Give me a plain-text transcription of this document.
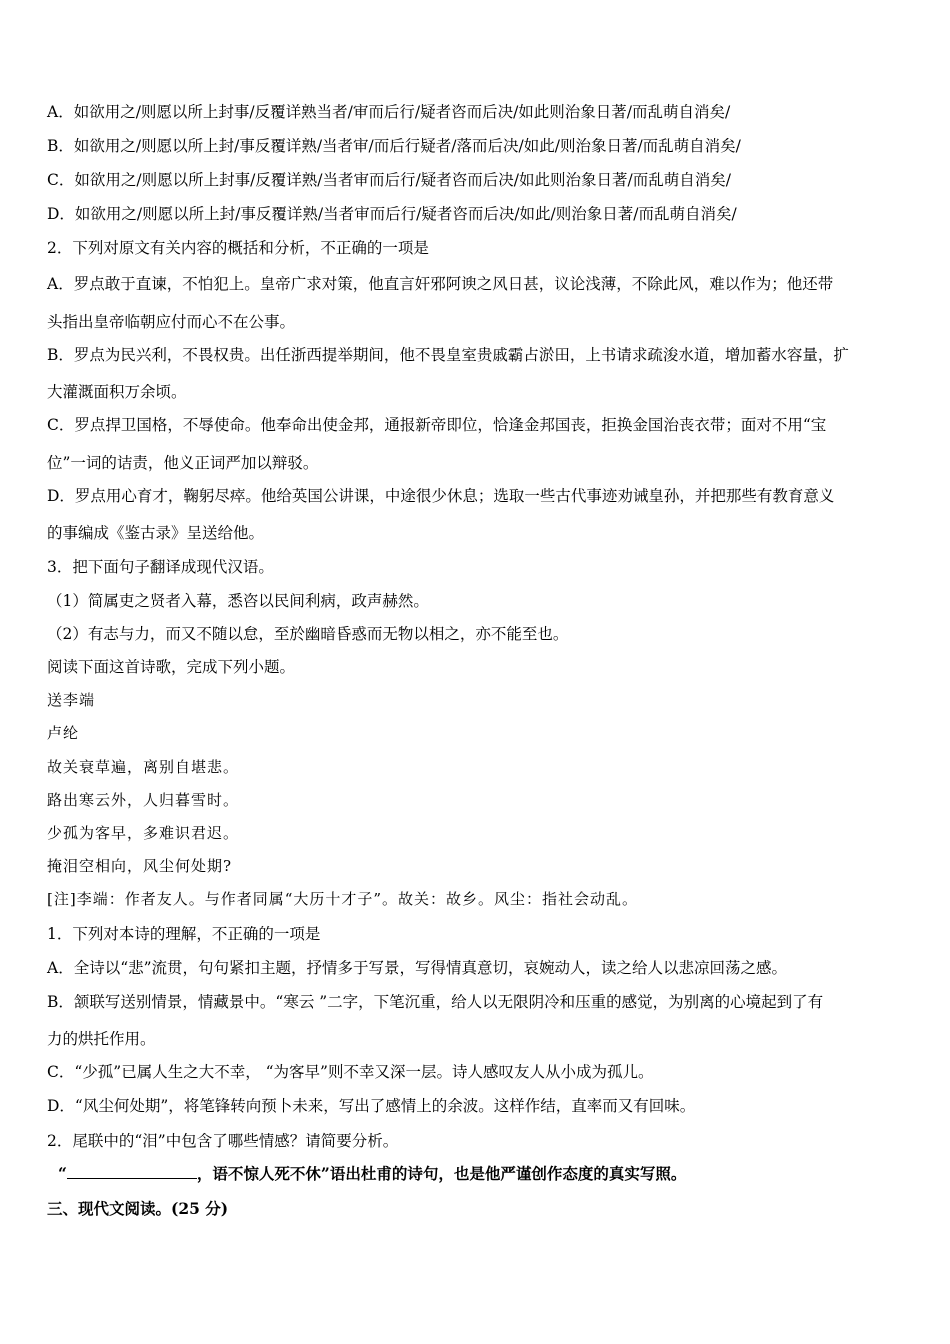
A．如欲用之/则愿以所上封事/反覆详熟当者/审而后行/疑者咨而后决/如此则治象日著/而乱萌自消矣/
B．如欲用之/则愿以所上封/事反覆详熟/当者审/而后行疑者/落而后决/如此/则治象日著/而乱萌自消矣/
C．如欲用之/则愿以所上封事/反覆详熟/当者审而后行/疑者咨而后决/如此则治象日著/而乱萌自消矣/
D．如欲用之/则愿以所上封/事反覆详熟/当者审而后行/疑者咨而后决/如此/则治象日著/而乱萌自消矣/
2．下列对原文有关内容的概括和分析，不正确的一项是
A．罗点敢于直谏，不怕犯上。皇帝广求对策，他直言奸邪阿谀之风日甚，议论浅薄，不除此风，难以作为；他还带
头指出皇帝临朝应付而心不在公事。
B．罗点为民兴利，不畏权贵。出任浙西提举期间，他不畏皇室贵戚霸占淤田，上书请求疏浚水道，增加蓄水容量，扩
大灌溉面积万余顷。
C．罗点捍卫国格，不辱使命。他奉命出使金邦，通报新帝即位，恰逢金邦国丧，拒换金国治丧衣带；面对不用“宝
位”一词的诘责，他义正词严加以辩驳。
D．罗点用心育才，鞠躬尽瘁。他给英国公讲课，中途很少休息；选取一些古代事迹劝诫皇孙，并把那些有教育意义
的事编成《鉴古录》呈送给他。
3．把下面句子翻译成现代汉语。
（1）简属吏之贤者入幕，悉咨以民间利病，政声赫然。
（2）有志与力，而又不随以怠，至於幽暗昏惑而无物以相之，亦不能至也。
阅读下面这首诗歌，完成下列小题。
送李端
卢纶
故关衰草遍，离别自堪悲。
路出寒云外，人归暮雪时。
少孤为客早，多难识君迟。
掩泪空相向，风尘何处期?
[注]李端：作者友人。与作者同属“大历十才子”。故关：故乡。风尘：指社会动乱。
1．下列对本诗的理解，不正确的一项是
A．全诗以“悲”流贯，句句紧扣主题，抒情多于写景，写得情真意切，哀婉动人，读之给人以悲凉回荡之感。
B．颔联写送别情景，情藏景中。“寒云 ”二字，下笔沉重，给人以无限阴冷和压重的感觉，为别离的心境起到了有
力的烘托作用。
C．“少孤”已属人生之大不幸， “为客早”则不幸又深一层。诗人感叹友人从小成为孤儿。
D．“风尘何处期”，将笔锋转向预卜未来，写出了感情上的余波。这样作结，直率而又有回味。
2．尾联中的“泪”中包含了哪些情感？请简要分析。
“	，语不惊人死不休”语出杜甫的诗句，也是他严谨创作态度的真实写照。
三、现代文阅读。(25 分)
